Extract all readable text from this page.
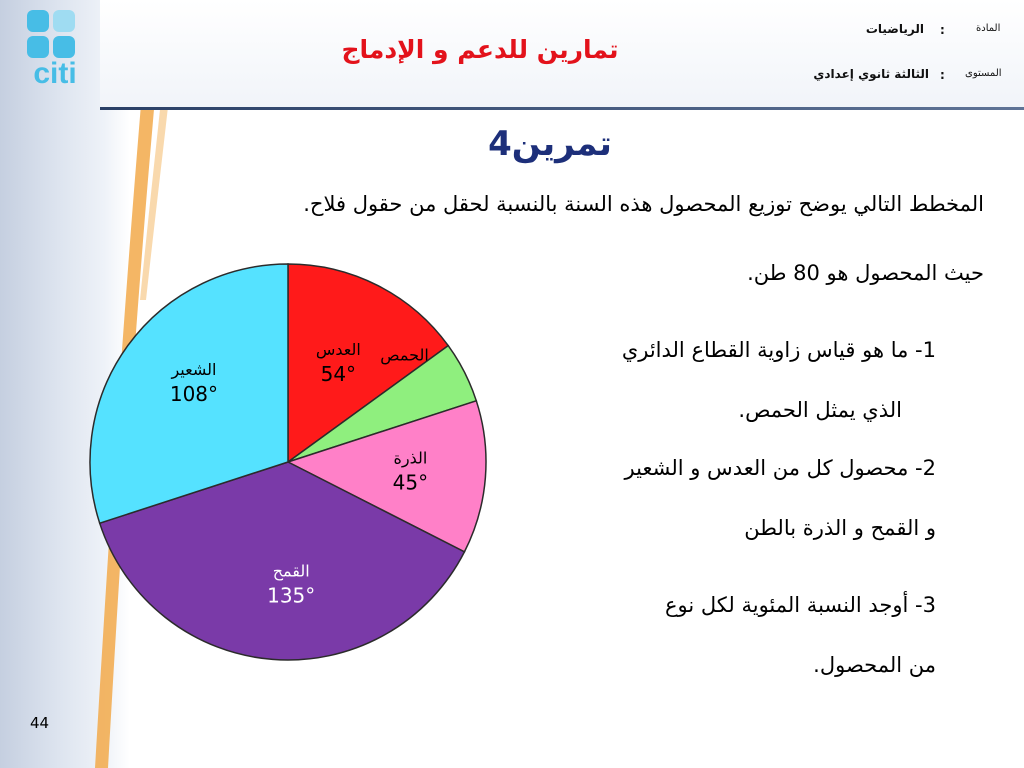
citi
تمارين للدعم و الإدماج
المادة
:
الرياضيات
المستوى
:
الثالثة ثانوي إعدادي
تمرين4
المخطط التالي يوضح توزيع المحصول هذه السنة بالنسبة لحقل من حقول فلاح.
حيث المحصول هو 80 طن.
1- ما هو قياس زاوية القطاع الدائري
الذي يمثل الحمص.
2- محصول كل من العدس و الشعير
و القمح و الذرة بالطن
3- أوجد النسبة المئوية لكل نوع
من المحصول.
العدس
54°
الحمص
الذرة
45°
القمح
135°
الشعير
108°
44
